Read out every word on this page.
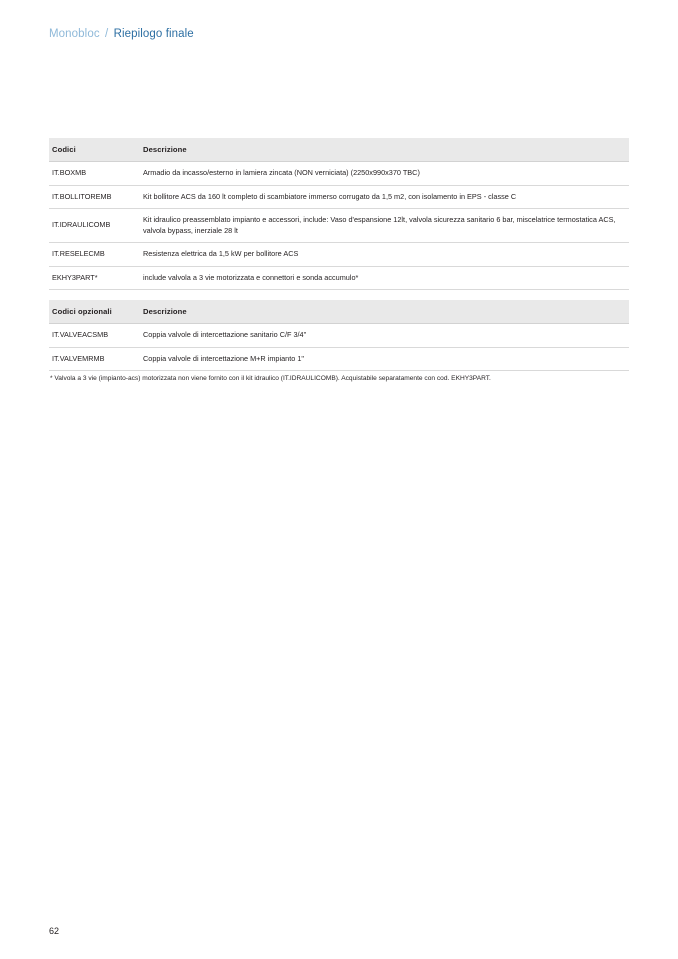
Monobloc / Riepilogo finale
Codici	Descrizione
IT.BOXMB	Armadio da incasso/esterno in lamiera zincata (NON verniciata) (2250x990x370 TBC)
IT.BOLLITOREMB	Kit bollitore ACS da 160 lt completo di scambiatore immerso corrugato da 1,5 m2, con isolamento in EPS - classe C
IT.IDRAULICOMB	Kit idraulico preassemblato impianto e accessori, include: Vaso d'espansione 12lt, valvola sicurezza sanitario 6 bar, miscelatrice termostatica ACS, valvola bypass, inerziale 28 lt
IT.RESELECMB	Resistenza elettrica da 1,5 kW per bollitore ACS
EKHY3PART*	include valvola a 3 vie motorizzata e connettori e sonda accumulo*
Codici opzionali	Descrizione
IT.VALVEACSMB	Coppia valvole di intercettazione sanitario C/F 3/4"
IT.VALVEMRMB	Coppia valvole di intercettazione M+R impianto 1"
* Valvola a 3 vie (impianto-acs) motorizzata non viene fornito con il kit idraulico (IT.IDRAULICOMB). Acquistabile separatamente con cod. EKHY3PART.
62
